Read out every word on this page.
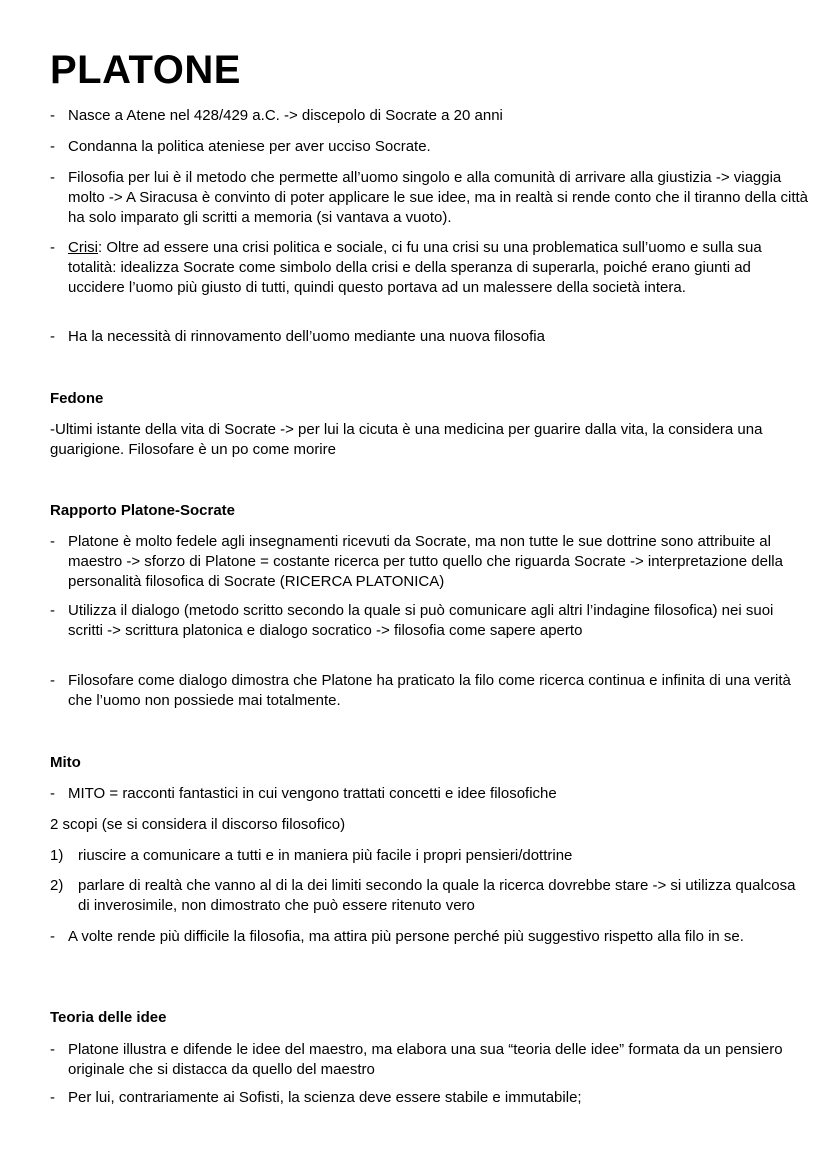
PLATONE

- Nasce a Atene nel 428/429 a.C. -> discepolo di Socrate a 20 anni

- Condanna la politica ateniese per aver ucciso Socrate.

- Filosofia per lui è il metodo che permette all’uomo singolo e alla comunità di arrivare alla giustizia -> viaggia molto -> A Siracusa è convinto di poter applicare le sue idee, ma in realtà si rende conto che il tiranno della città ha solo imparato gli scritti a memoria (si vantava a vuoto).

- Crisi: Oltre ad essere una crisi politica e sociale, ci fu una crisi su una problematica sull’uomo e sulla sua totalità: idealizza Socrate come simbolo della crisi e della speranza di superarla, poiché erano giunti ad uccidere l’uomo più giusto di tutti, quindi questo portava ad un malessere della società intera.

- Ha la necessità di rinnovamento dell’uomo mediante una nuova filosofia

Fedone

-Ultimi istante della vita di Socrate -> per lui la cicuta è una medicina per guarire dalla vita, la considera una guarigione. Filosofare è un po come morire

Rapporto Platone-Socrate

- Platone è molto fedele agli insegnamenti ricevuti da Socrate, ma non tutte le sue dottrine sono attribuite al maestro -> sforzo di Platone = costante ricerca per tutto quello che riguarda Socrate -> interpretazione della personalità filosofica di Socrate (RICERCA PLATONICA)

- Utilizza il dialogo (metodo scritto secondo la quale si può comunicare agli altri l’indagine filosofica) nei suoi scritti -> scrittura platonica e dialogo socratico -> filosofia come sapere aperto

- Filosofare come dialogo dimostra che Platone ha praticato la filo come ricerca continua e infinita di una verità che l’uomo non possiede mai totalmente.

Mito

- MITO = racconti fantastici in cui vengono trattati concetti e idee filosofiche

2 scopi (se si considera il discorso filosofico)

1) riuscire a comunicare a tutti e in maniera più facile i propri pensieri/dottrine

2) parlare di realtà che vanno al di la dei limiti secondo la quale la ricerca dovrebbe stare -> si utilizza qualcosa di inverosimile, non dimostrato che può essere ritenuto vero

- A volte rende più difficile la filosofia, ma attira più persone perché più suggestivo rispetto alla filo in se.

Teoria delle idee

- Platone illustra e difende le idee del maestro, ma elabora una sua “teoria delle idee” formata da un pensiero originale che si distacca da quello del maestro

- Per lui, contrariamente ai Sofisti, la scienza deve essere stabile e immutabile;
